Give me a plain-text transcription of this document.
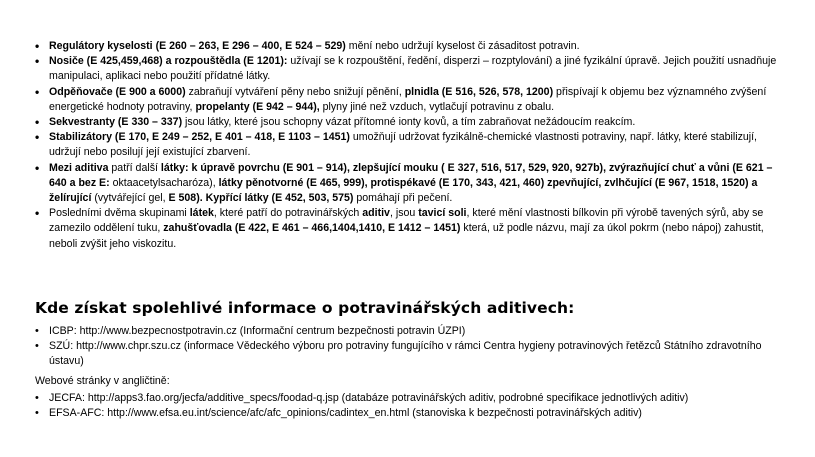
• Regulátory kyselosti (E 260 – 263, E 296 – 400, E 524 – 529) mění nebo udržují kyselost či zásaditost potravin.
• Nosiče (E 425,459,468) a rozpouštědla (E 1201): užívají se k rozpouštění, ředění, disperzi – rozptylování) a jiné fyzikální úpravě. Jejich použití usnadňuje manipulaci, aplikaci nebo použití přídatné látky.
• Odpěňovače (E 900 a 6000) zabraňují vytváření pěny nebo snižují pěnění, plnidla (E 516, 526, 578, 1200) přispívají k objemu bez významného zvýšení energetické hodnoty potraviny, propelanty (E 942 – 944), plyny jiné než vzduch, vytlačují potravinu z obalu.
• Sekvestranty (E 330 – 337) jsou látky, které jsou schopny vázat přítomné ionty kovů, a tím zabraňovat nežádoucím reakcím.
• Stabilizátory (E 170, E 249 – 252, E 401 – 418, E 1103 – 1451) umožňují udržovat fyzikálně-chemické vlastnosti potraviny, např. látky, které stabilizují, udržují nebo posilují její existující zbarvení.
• Mezi aditiva patří další látky: k úpravě povrchu (E 901 – 914), zlepšující mouku ( E 327, 516, 517, 529, 920, 927b), zvýrazňující chuť a vůni (E 621 – 640 a bez E: oktaacetylsacharóza), látky pěnotvorné (E 465, 999), protispékavé (E 170, 343, 421, 460) zpevňující, zvlhčující (E 967, 1518, 1520) a želírující (vytvářející gel, E 508). Kypřící látky (E 452, 503, 575) pomáhají při pečení.
• Posledními dvěma skupinami látek, které patří do potravinářských aditiv, jsou tavicí soli, které mění vlastnosti bílkovin při výrobě tavených sýrů, aby se zamezilo oddělení tuku, zahušťovadla (E 422, E 461 – 466,1404,1410, E 1412 – 1451) která, už podle názvu, mají za úkol pokrm (nebo nápoj) zahustit, neboli zvýšit jeho viskozitu.
Kde získat spolehlivé informace o potravinářských aditivech:
• ICBP: http://www.bezpecnostpotravin.cz (Informační centrum bezpečnosti potravin ÚZPI)
• SZÚ: http://www.chpr.szu.cz (informace Vědeckého výboru pro potraviny fungujícího v rámci Centra hygieny potravinových řetězců Státního zdravotního ústavu)
Webové stránky v angličtině:
• JECFA: http://apps3.fao.org/jecfa/additive_specs/foodad-q.jsp (databáze potravinářských aditiv, podrobné specifikace jednotlivých aditiv)
• EFSA-AFC: http://www.efsa.eu.int/science/afc/afc_opinions/cadintex_en.html (stanoviska k bezpečnosti potravinářských aditiv)
